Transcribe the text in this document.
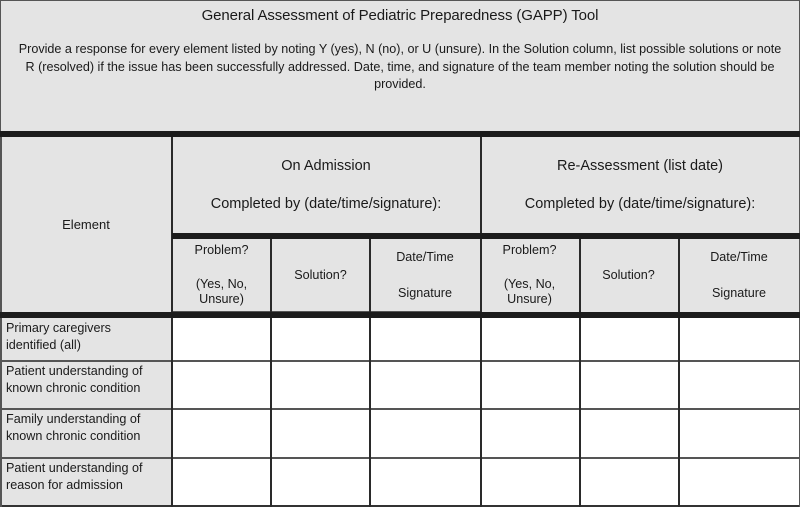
General Assessment of Pediatric Preparedness (GAPP) Tool
Provide a response for every element listed by noting Y (yes), N (no), or U (unsure). In the Solution column, list possible solutions or note R (resolved) if the issue has been successfully addressed. Date, time, and signature of the team member noting the solution should be provided.
Element
On Admission
Completed by (date/time/signature):
Re-Assessment (list date)
Completed by (date/time/signature):
Problem?
(Yes, No,
Unsure)
Solution?
Date/Time
Signature
Problem?
(Yes, No,
Unsure)
Solution?
Date/Time
Signature
Primary caregivers
identified (all)
Patient understanding of
known chronic condition
Family understanding of
known chronic condition
Patient understanding of
reason for admission
